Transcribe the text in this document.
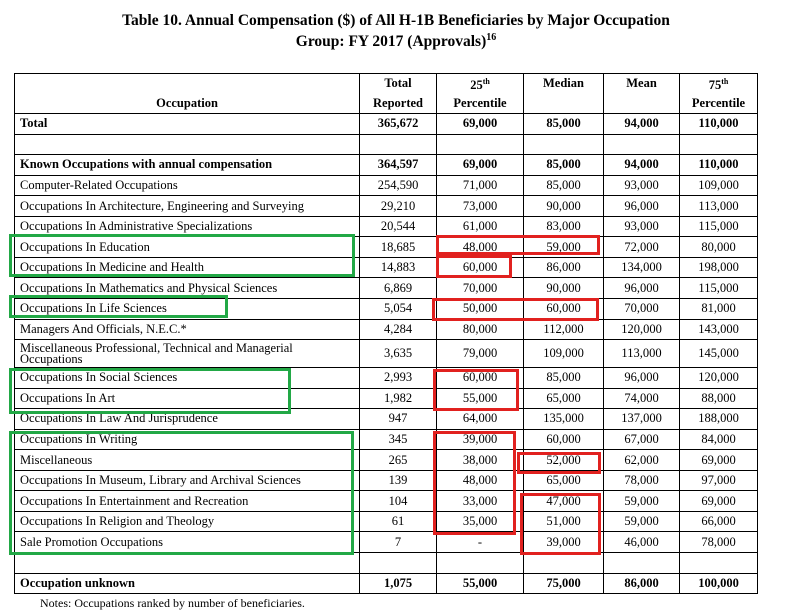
Table 10. Annual Compensation ($) of All H-1B Beneficiaries by Major Occupation
Group: FY 2017 (Approvals)$^{16}$
	Total	25th	Median	Mean	75th
Occupation	Reported	Percentile			Percentile
Total	365,672	69,000	85,000	94,000	110,000

Known Occupations with annual compensation	364,597	69,000	85,000	94,000	110,000
Computer-Related Occupations	254,590	71,000	85,000	93,000	109,000
Occupations In Architecture, Engineering and Surveying	29,210	73,000	90,000	96,000	113,000
Occupations In Administrative Specializations	20,544	61,000	83,000	93,000	115,000
Occupations In Education	18,685	48,000	59,000	72,000	80,000
Occupations In Medicine and Health	14,883	60,000	86,000	134,000	198,000
Occupations In Mathematics and Physical Sciences	6,869	70,000	90,000	96,000	115,000
Occupations In Life Sciences	5,054	50,000	60,000	70,000	81,000
Managers And Officials, N.E.C.*	4,284	80,000	112,000	120,000	143,000
Miscellaneous Professional, Technical and Managerial Occupations	3,635	79,000	109,000	113,000	145,000
Occupations In Social Sciences	2,993	60,000	85,000	96,000	120,000
Occupations In Art	1,982	55,000	65,000	74,000	88,000
Occupations In Law And Jurisprudence	947	64,000	135,000	137,000	188,000
Occupations In Writing	345	39,000	60,000	67,000	84,000
Miscellaneous	265	38,000	52,000	62,000	69,000
Occupations In Museum, Library and Archival Sciences	139	48,000	65,000	78,000	97,000
Occupations In Entertainment and Recreation	104	33,000	47,000	59,000	69,000
Occupations In Religion and Theology	61	35,000	51,000	59,000	66,000
Sale Promotion Occupations	7	-	39,000	46,000	78,000

Occupation unknown	1,075	55,000	75,000	86,000	100,000
Notes: Occupations ranked by number of beneficiaries.
